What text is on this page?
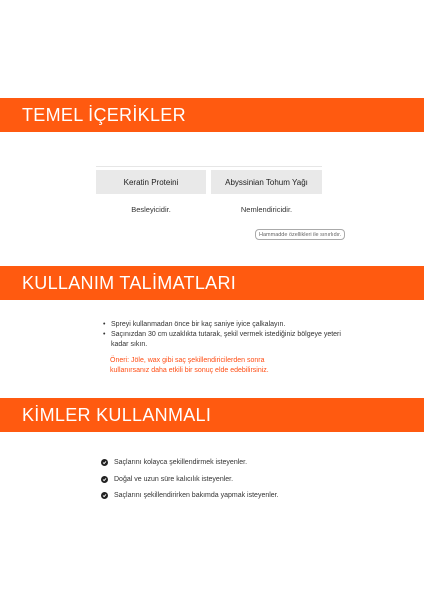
TEMEL İÇERİKLER
Keratin Proteini	Abyssinian Tohum Yağı
Besleyicidir.	Nemlendiricidir.
Hammadde özellikleri ile sınırlıdır.
KULLANIM TALİMATLARI
• Spreyi kullanmadan önce bir kaç saniye iyice çalkalayın.
• Saçınızdan 30 cm uzaklıkta tutarak, şekil vermek istediğiniz bölgeye yeteri kadar sıkın.
Öneri: Jöle, wax gibi saç şekillendiricilerden sonra
kullanırsanız daha etkili bir sonuç elde edebilirsiniz.
KİMLER KULLANMALI
Saçlarını kolayca şekillendirmek isteyenler.
Doğal ve uzun süre kalıcılık isteyenler.
Saçlarını şekillendirirken bakımda yapmak isteyenler.
